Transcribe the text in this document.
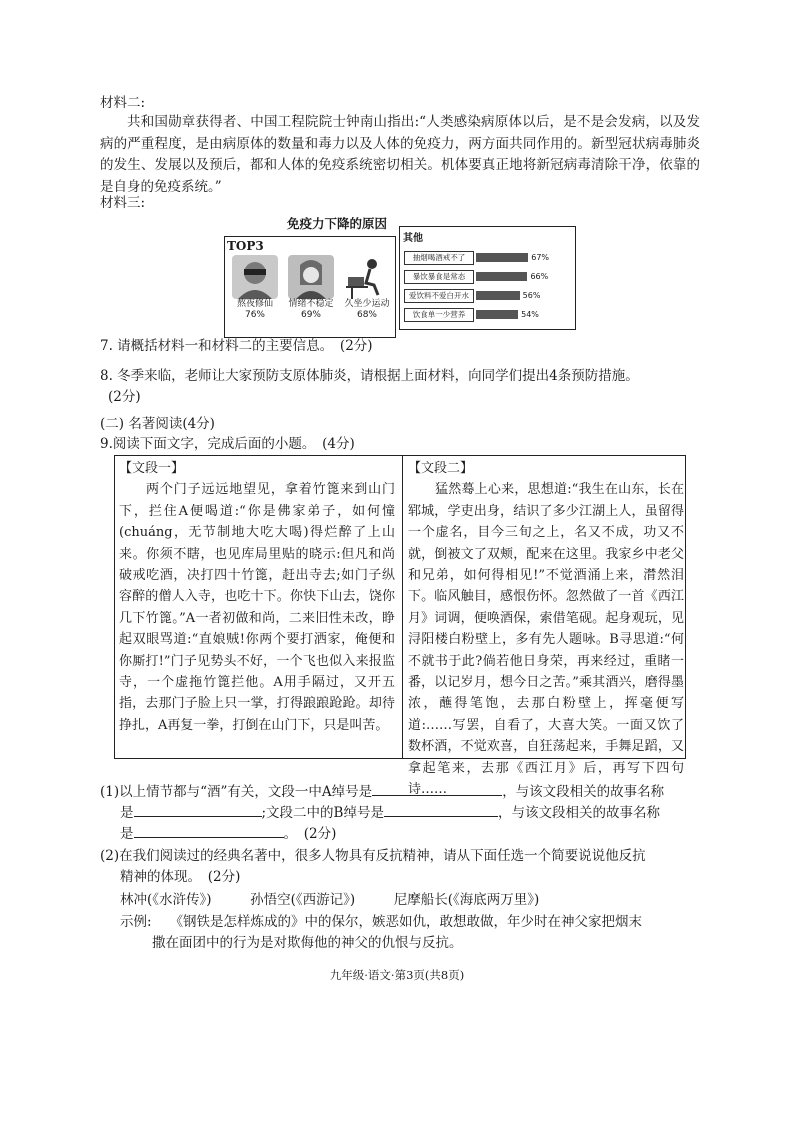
材料二:
共和国勋章获得者、中国工程院院士钟南山指出:“人类感染病原体以后，是不是会发病，以及发病的严重程度，是由病原体的数量和毒力以及人体的免疫力，两方面共同作用的。新型冠状病毒肺炎的发生、发展以及预后，都和人体的免疫系统密切相关。机体要真正地将新冠病毒清除干净，依靠的是自身的免疫系统。”
材料三:
免疫力下降的原因
TOP3
熬夜修仙
76%
情绪不稳定
69%
久坐少运动
68%
其他
抽烟喝酒戒不了	67%
暴饮暴食是常态	66%
爱饮料不爱白开水	56%
饮食单一少营养	54%
7. 请概括材料一和材料二的主要信息。　(2分)
8. 冬季来临，老师让大家预防支原体肺炎，请根据上面材料，向同学们提出4条预防措施。
(2分)
(二) 名著阅读(4分)
9.阅读下面文字，完成后面的小题。　(4分)
【文段一】
两个门子远远地望见，拿着竹篦来到山门下，拦住A便喝道:“你是佛家弟子，如何憧(chuáng，无节制地大吃大喝)得烂醉了上山来。你须不瞎，也见库局里贴的晓示:但凡和尚破戒吃酒，决打四十竹篦，赶出寺去;如门子纵容醉的僧人入寺，也吃十下。你快下山去，饶你几下竹篦。”A一者初做和尚，二来旧性未改，睁起双眼骂道:“直娘贼!你两个要打洒家，俺便和你厮打!”门子见势头不好，一个飞也似入来报监寺，一个虚拖竹篦拦他。A用手隔过，又开五指，去那门子脸上只一掌，打得踉踉跄跄。却待挣扎，A再复一拳，打倒在山门下，只是叫苦。
【文段二】
猛然蓦上心来，思想道:“我生在山东，长在郓城，学吏出身，结识了多少江湖上人，虽留得一个虚名，目今三旬之上，名又不成，功又不就，倒被文了双颊，配来在这里。我家乡中老父和兄弟，如何得相见!”不觉酒涌上来，潸然泪下。临风触目，感恨伤怀。忽然做了一首《西江月》词调，便唤酒保，索借笔砚。起身观玩，见浔阳楼白粉壁上，多有先人题咏。B寻思道:“何不就书于此?倘若他日身荣，再来经过，重睹一番，以记岁月，想今日之苦。”乘其酒兴，磨得墨浓，蘸得笔饱，去那白粉壁上，挥毫便写道:……写罢，自看了，大喜大笑。一面又饮了数杯酒，不觉欢喜，自狂荡起来，手舞足蹈，又拿起笔来，去那《西江月》后，再写下四句诗……
(1)以上情节都与“酒”有关，文段一中A绰号是	，与该文段相关的故事名称
是	;文段二中的B绰号是	，与该文段相关的故事名称
是	。　(2分)
(2)在我们阅读过的经典名著中，很多人物具有反抗精神，请从下面任选一个简要说说他反抗
精神的体现。　(2分)
林冲(《水浒传》)	孙悟空(《西游记》)	尼摩船长(《海底两万里》)
示例: 《钢铁是怎样炼成的》中的保尔，嫉恶如仇，敢想敢做，年少时在神父家把烟末
撒在面团中的行为是对欺侮他的神父的仇恨与反抗。
九年级·语文·第3页(共8页)
